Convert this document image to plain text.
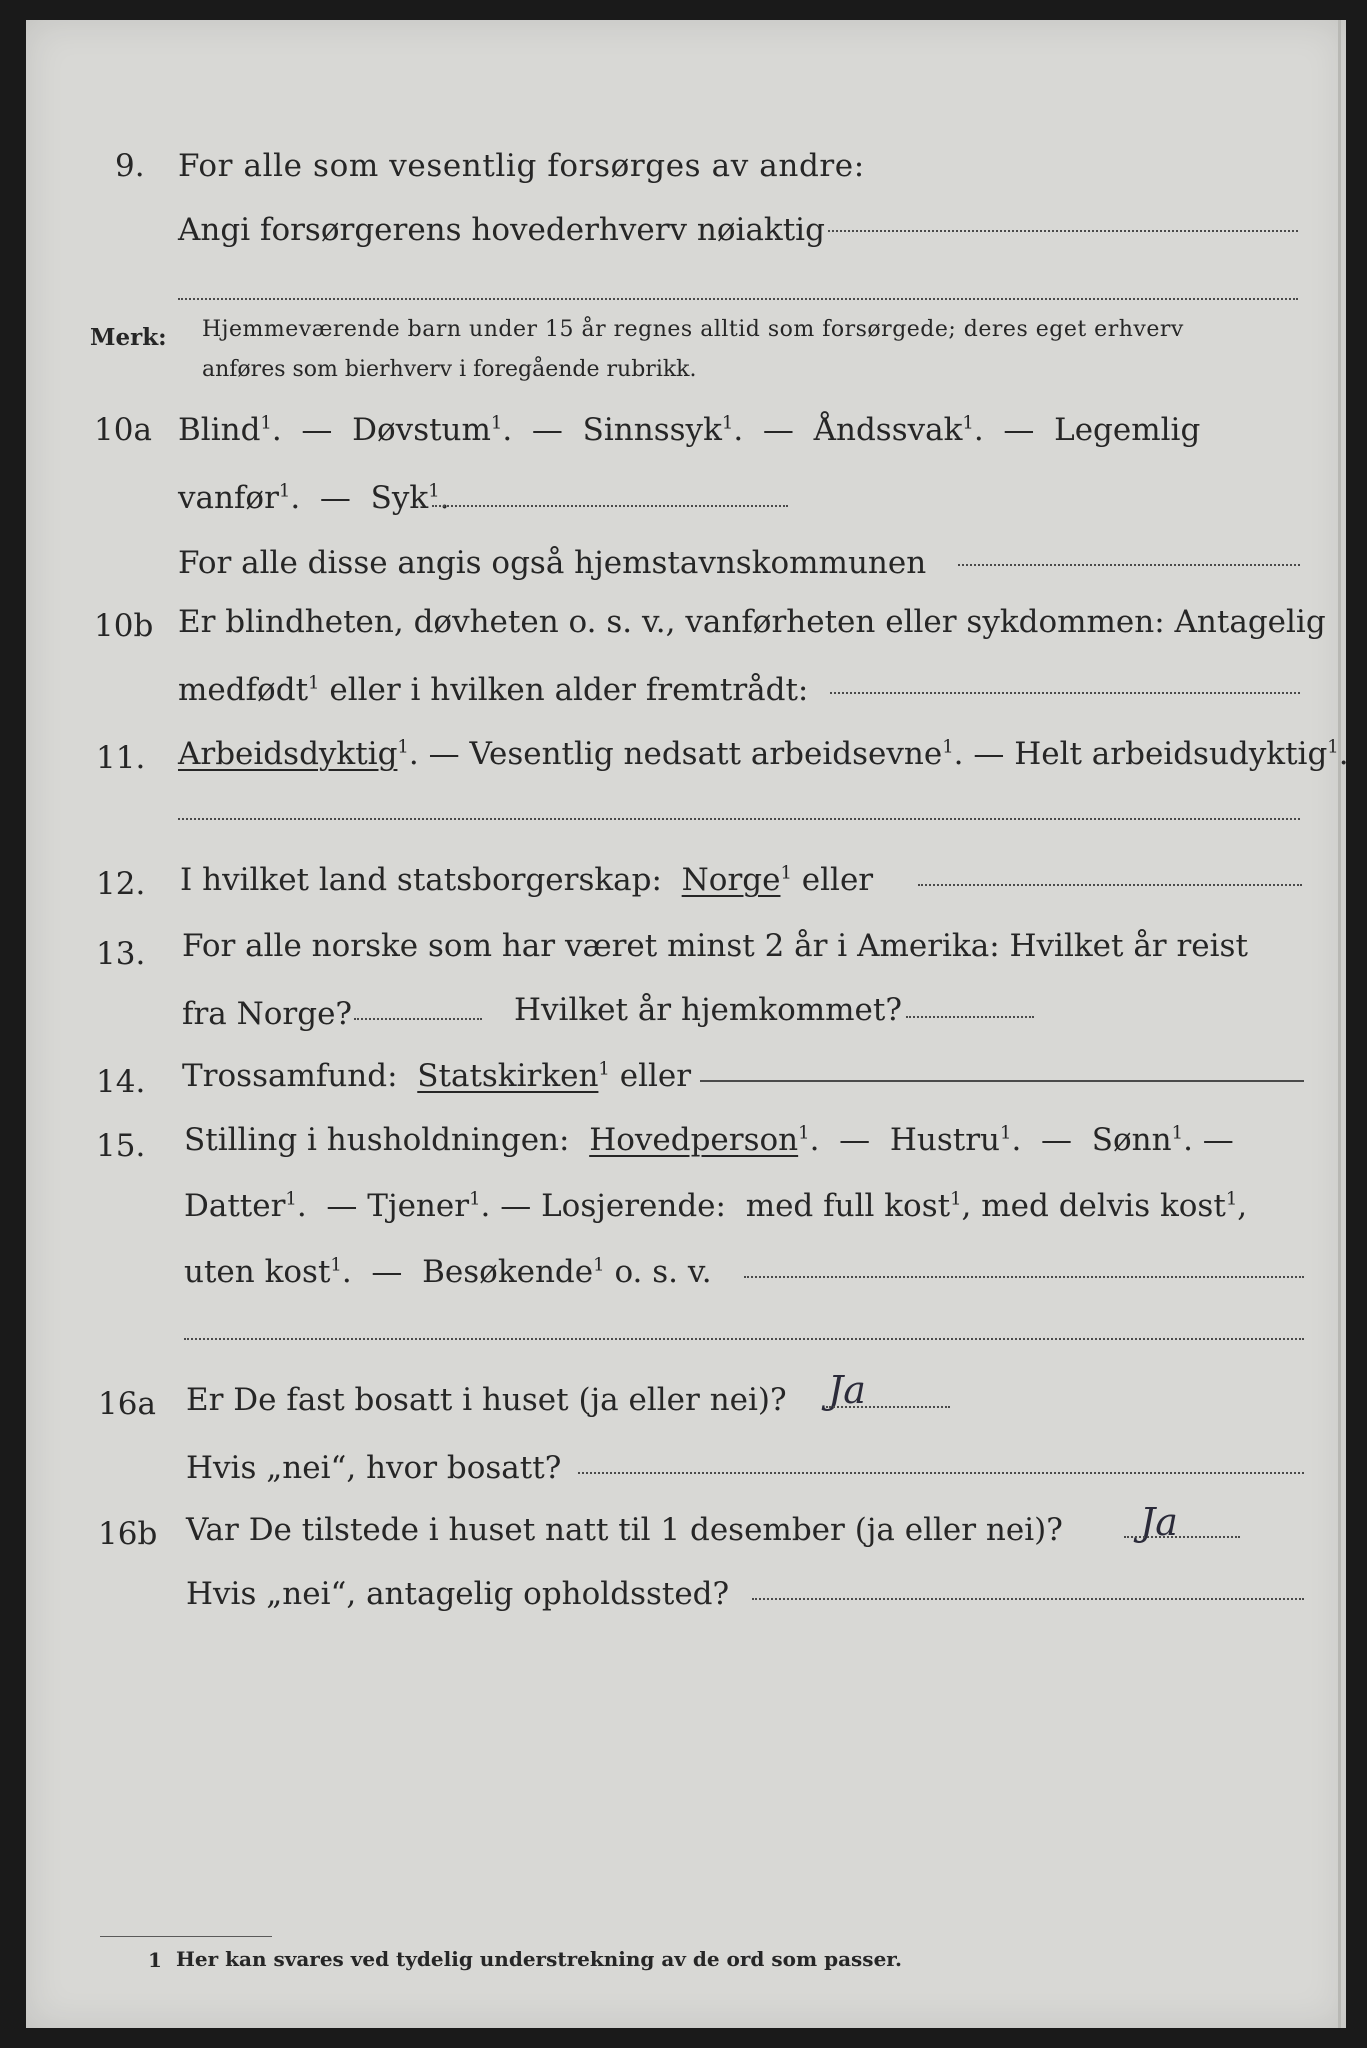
9. For alle som vesentlig forsørges av andre:
Angi forsørgerens hovederhverv nøiaktig
Merk: Hjemmeværende barn under 15 år regnes alltid som forsørgede; deres eget erhverv
anføres som bierhverv i foregående rubrikk.
10a Blind$^1$.  —  Døvstum$^1$.  —  Sinnssyk$^1$.  —  Åndssvak$^1$.  —  Legemlig
vanfør$^1$.  —  Syk$^1$.
For alle disse angis også hjemstavnskommunen
10b Er blindheten, døvheten o. s. v., vanførheten eller sykdommen: Antagelig
medfødt$^1$ eller i hvilken alder fremtrådt:
11. Arbeidsdyktig$^1$. — Vesentlig nedsatt arbeidsevne$^1$. — Helt arbeidsudyktig$^1$.
12. I hvilket land statsborgerskap: Norge$^1$ eller
13. For alle norske som har været minst 2 år i Amerika: Hvilket år reist
fra Norge?	Hvilket år hjemkommet?
14. Trossamfund: Statskirken$^1$ eller
15. Stilling i husholdningen: Hovedperson$^1$.  —  Hustru$^1$.  —  Sønn$^1$. —
Datter$^1$.  — Tjener$^1$. — Losjerende: med full kost$^1$, med delvis kost$^1$,
uten kost$^1$.  —  Besøkende$^1$ o. s. v.
16a Er De fast bosatt i huset (ja eller nei)? Ja
Hvis „nei“, hvor bosatt?
16b Var De tilstede i huset natt til 1 desember (ja eller nei)? Ja
Hvis „nei“, antagelig opholdssted?
1 Her kan svares ved tydelig understrekning av de ord som passer.
